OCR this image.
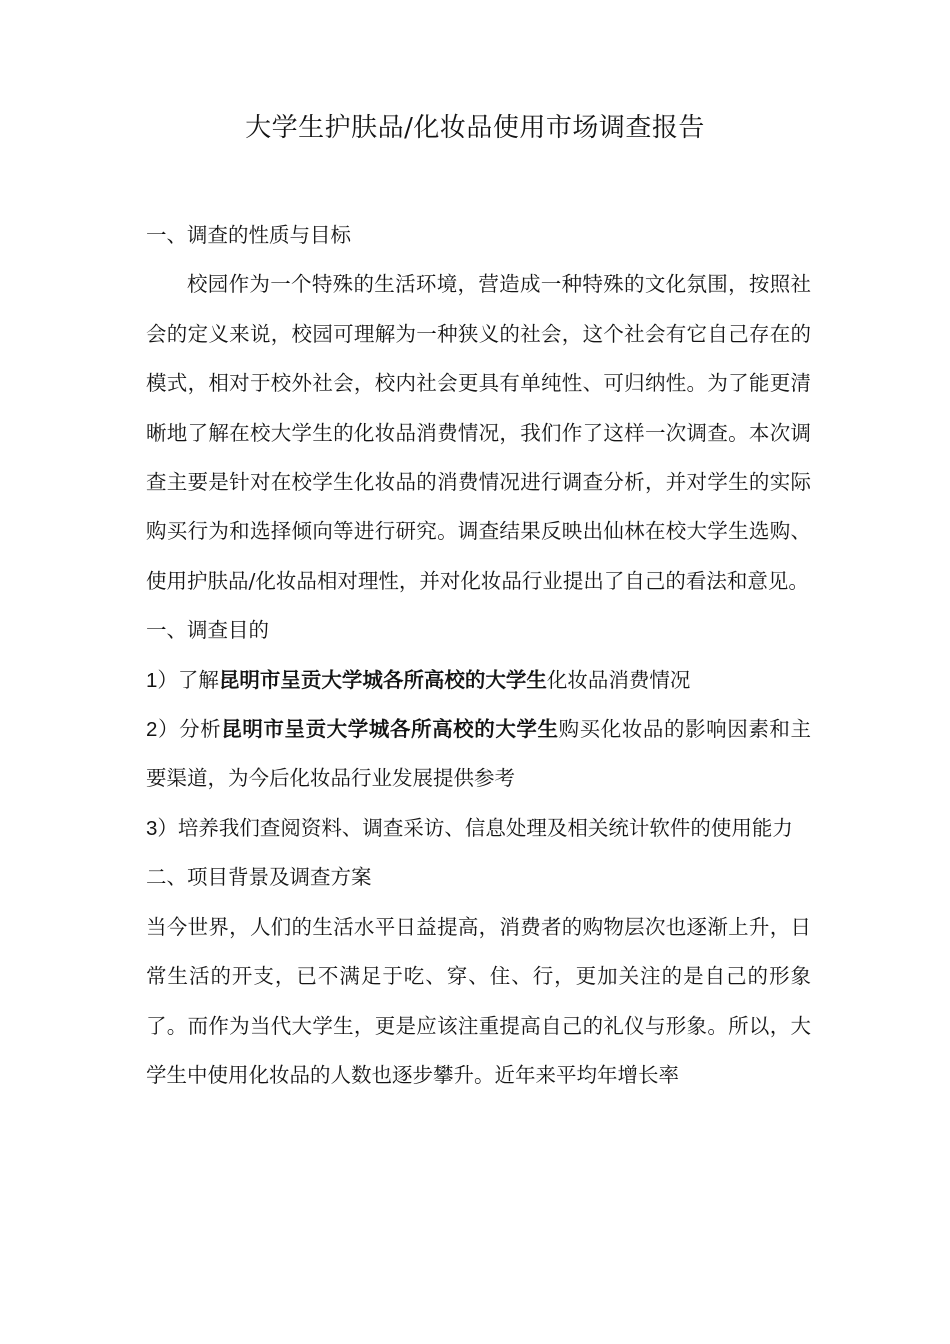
大学生护肤品/化妆品使用市场调查报告

一、调查的性质与目标

校园作为一个特殊的生活环境，营造成一种特殊的文化氛围，按照社会的定义来说，校园可理解为一种狭义的社会，这个社会有它自己存在的模式，相对于校外社会，校内社会更具有单纯性、可归纳性。为了能更清晰地了解在校大学生的化妆品消费情况，我们作了这样一次调查。本次调查主要是针对在校学生化妆品的消费情况进行调查分析，并对学生的实际购买行为和选择倾向等进行研究。调查结果反映出仙林在校大学生选购、使用护肤品/化妆品相对理性，并对化妆品行业提出了自己的看法和意见。

一、调查目的

1）了解昆明市呈贡大学城各所高校的大学生化妆品消费情况

2）分析昆明市呈贡大学城各所高校的大学生购买化妆品的影响因素和主要渠道，为今后化妆品行业发展提供参考

3）培养我们查阅资料、调查采访、信息处理及相关统计软件的使用能力

二、项目背景及调查方案

当今世界，人们的生活水平日益提高，消费者的购物层次也逐渐上升，日常生活的开支，已不满足于吃、穿、住、行，更加关注的是自己的形象了。而作为当代大学生，更是应该注重提高自己的礼仪与形象。所以，大学生中使用化妆品的人数也逐步攀升。近年来平均年增长率
